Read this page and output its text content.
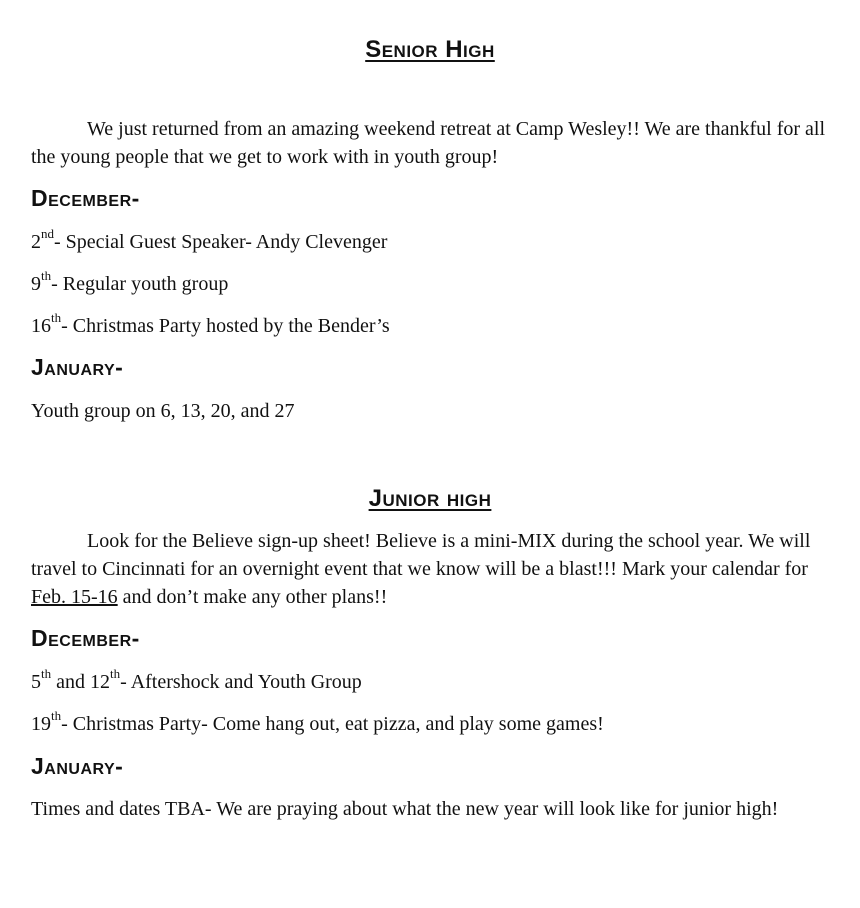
Senior High
We just returned from an amazing weekend retreat at Camp Wesley!! We are thankful for all the young people that we get to work with in youth group!
December-
2nd- Special Guest Speaker- Andy Clevenger
9th- Regular youth group
16th- Christmas Party hosted by the Bender’s
January-
Youth group on 6, 13, 20, and 27
Junior high
Look for the Believe sign-up sheet! Believe is a mini-MIX during the school year. We will travel to Cincinnati for an overnight event that we know will be a blast!!! Mark your calendar for Feb. 15-16 and don’t make any other plans!!
December-
5th and 12th- Aftershock and Youth Group
19th- Christmas Party- Come hang out, eat pizza, and play some games!
January-
Times and dates TBA- We are praying about what the new year will look like for junior high!
